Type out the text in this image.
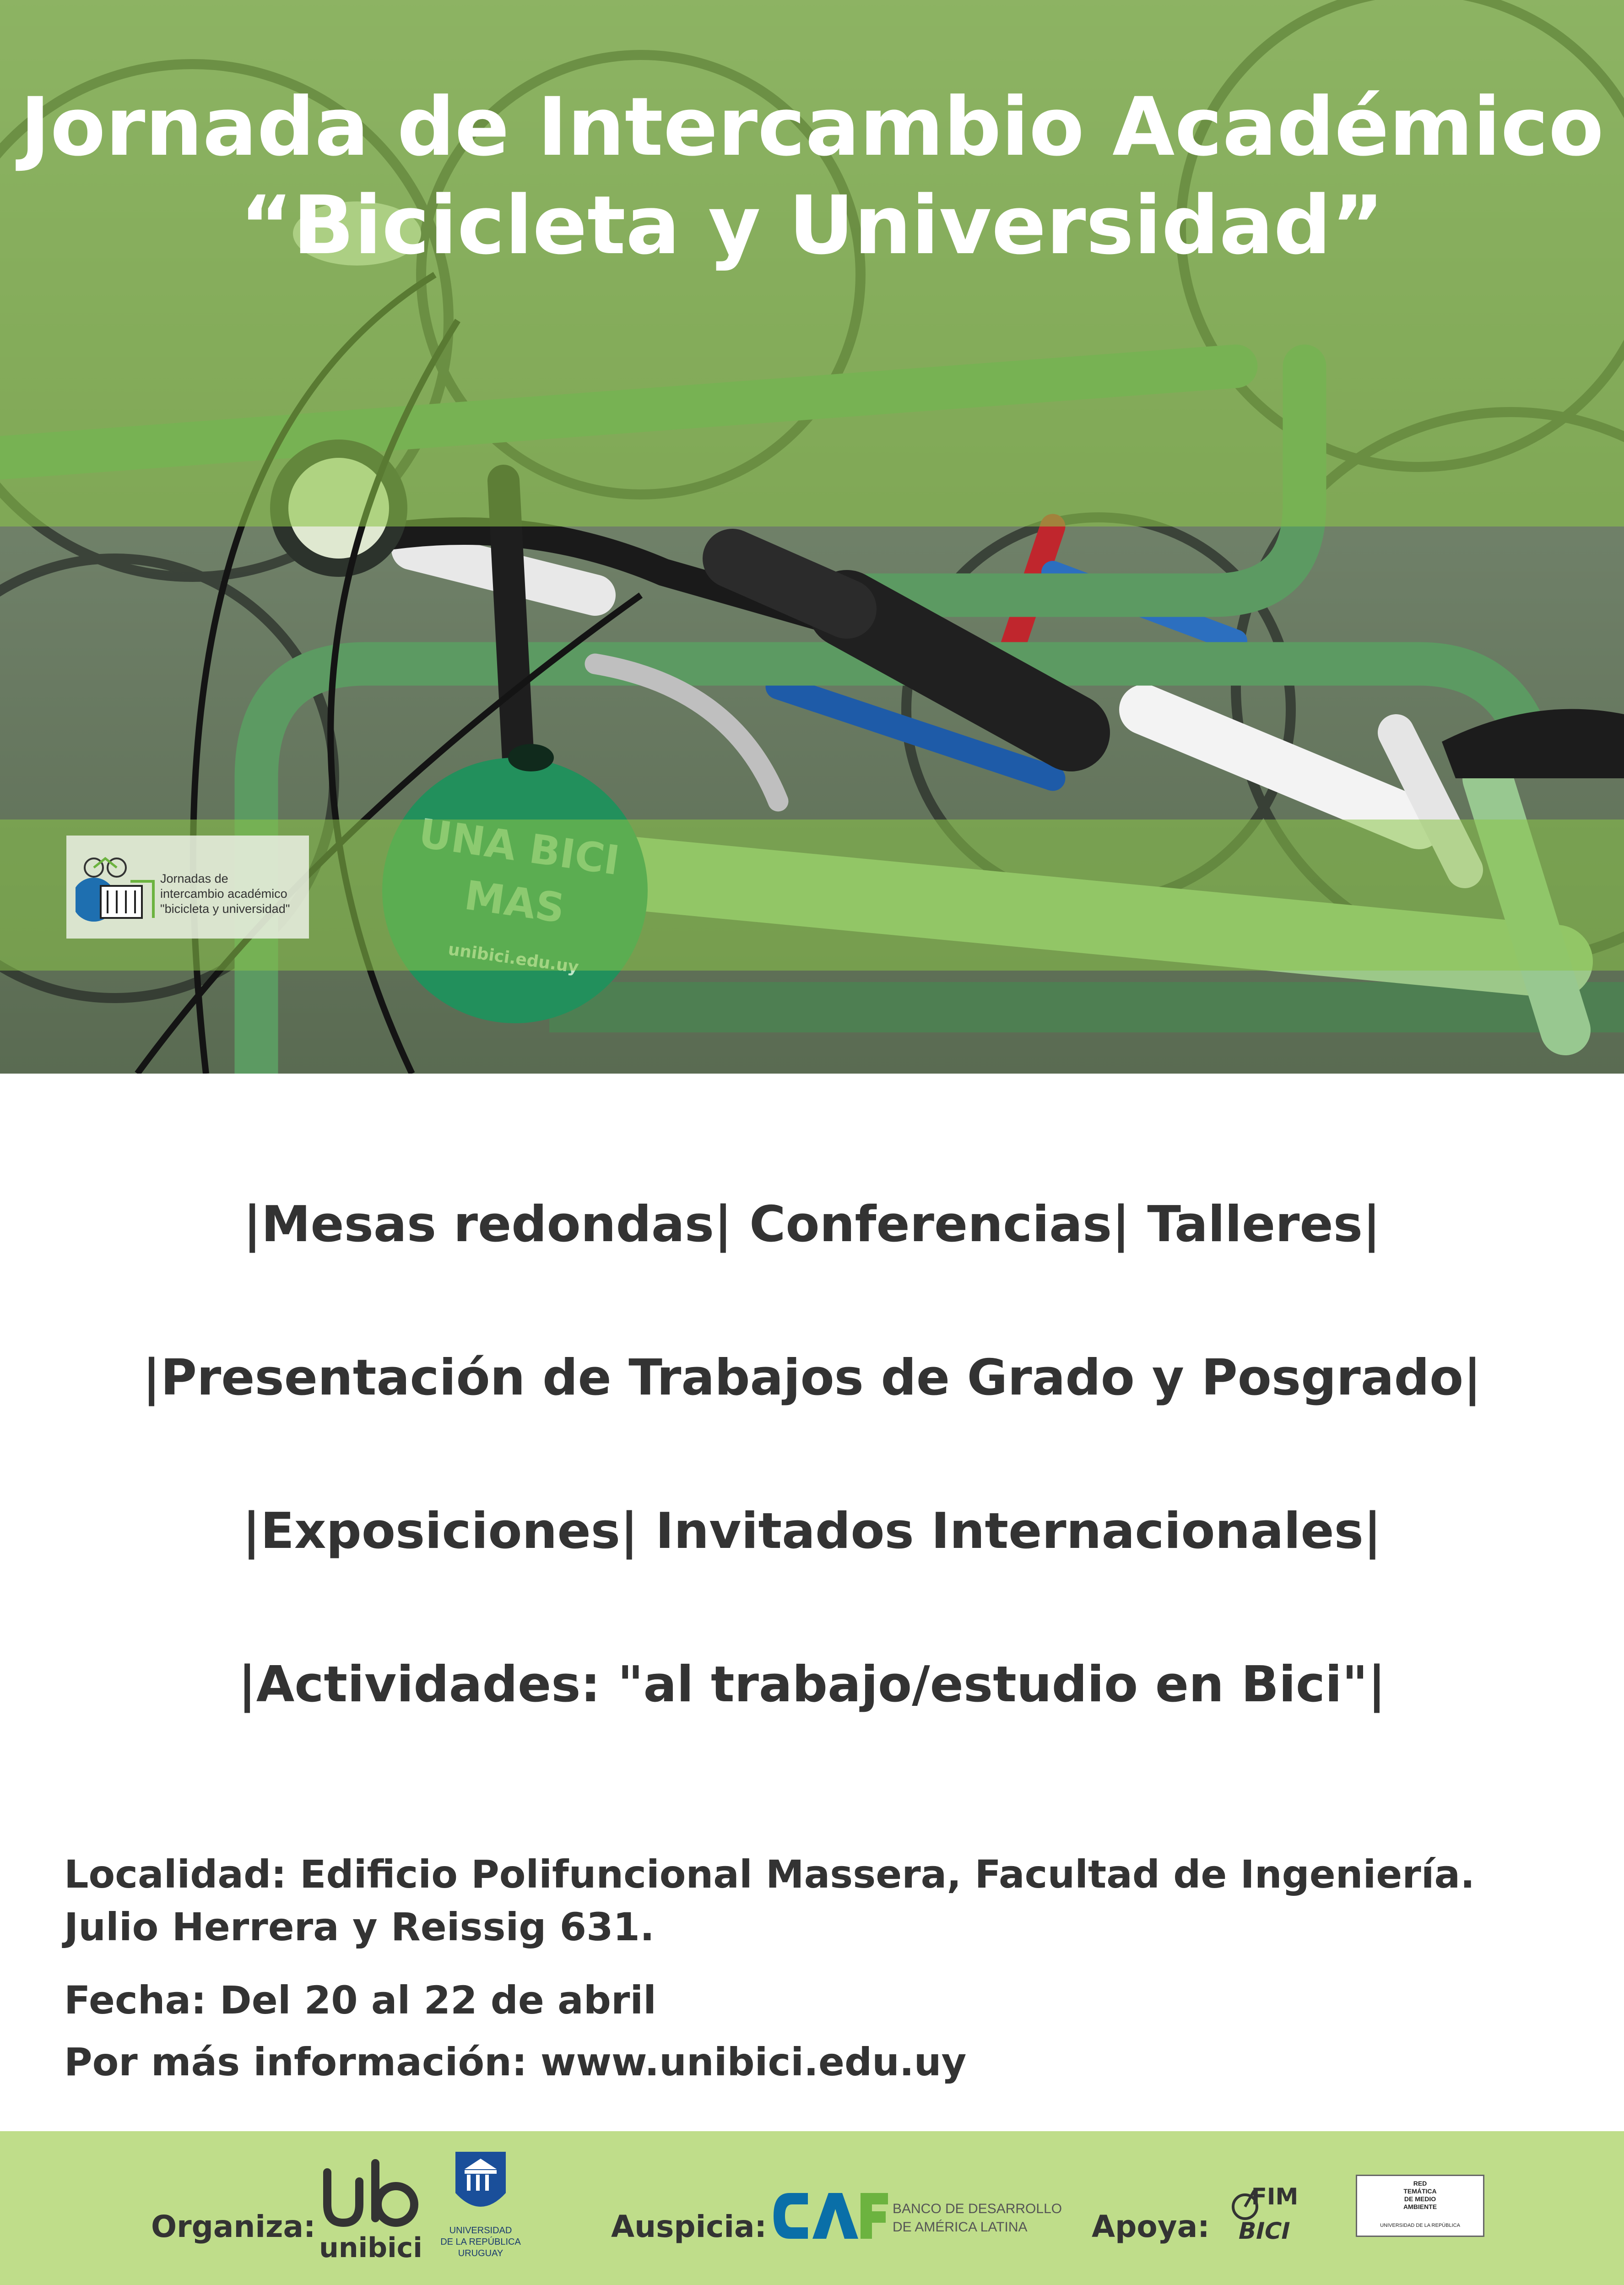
Jornada de Intercambio Académico
“Bicicleta y Universidad”
Jornadas de
intercambio académico
"bicicleta y universidad"
|Mesas redondas| Conferencias| Talleres|
|Presentación de Trabajos de Grado y Posgrado|
|Exposiciones| Invitados Internacionales|
|Actividades: "al trabajo/estudio en Bici"|
Localidad: Edificio Polifuncional Massera, Facultad de Ingeniería.
Julio Herrera y Reissig 631.
Fecha: Del 20 al 22 de abril
Por más información: www.unibici.edu.uy
Organiza:
unibici
UNIVERSIDAD
DE LA REPÚBLICA
URUGUAY
Auspicia:
BANCO DE DESARROLLO
DE AMÉRICA LATINA	Apoya:
FIM
BICI
RED
TEMÁTICA
DE MEDIO
AMBIENTE
UNIVERSIDAD DE LA REPÚBLICA
